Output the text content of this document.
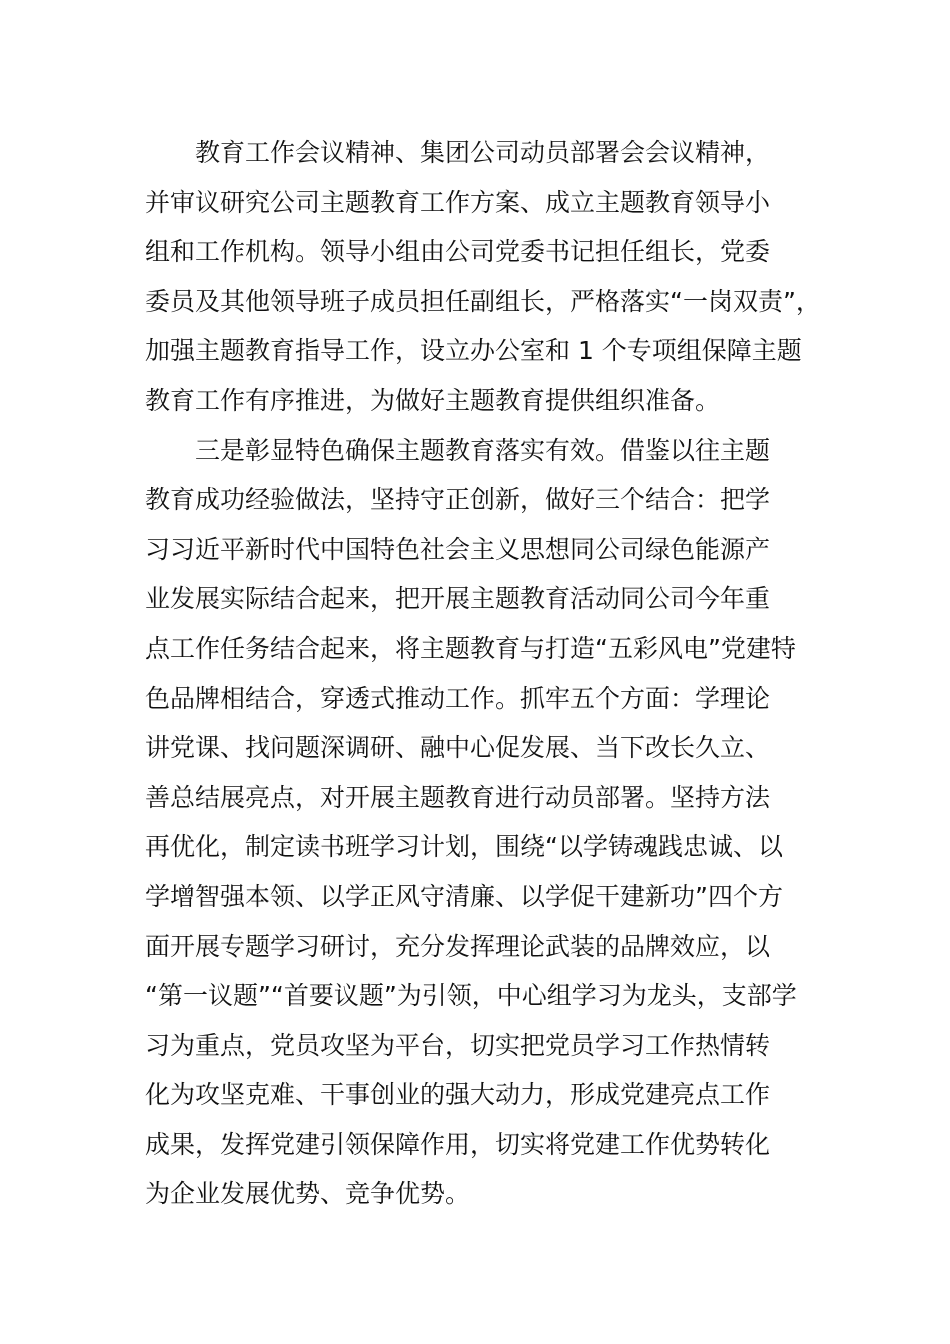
教育工作会议精神、集团公司动员部署会会议精神，
并审议研究公司主题教育工作方案、成立主题教育领导小
组和工作机构。领导小组由公司党委书记担任组长，党委
委员及其他领导班子成员担任副组长，严格落实“一岗双责”，
加强主题教育指导工作，设立办公室和 1 个专项组保障主题
教育工作有序推进，为做好主题教育提供组织准备。
三是彰显特色确保主题教育落实有效。借鉴以往主题
教育成功经验做法，坚持守正创新，做好三个结合：把学
习习近平新时代中国特色社会主义思想同公司绿色能源产
业发展实际结合起来，把开展主题教育活动同公司今年重
点工作任务结合起来，将主题教育与打造“五彩风电”党建特
色品牌相结合，穿透式推动工作。抓牢五个方面：学理论
讲党课、找问题深调研、融中心促发展、当下改长久立、
善总结展亮点，对开展主题教育进行动员部署。坚持方法
再优化，制定读书班学习计划，围绕“以学铸魂践忠诚、以
学增智强本领、以学正风守清廉、以学促干建新功”四个方
面开展专题学习研讨，充分发挥理论武装的品牌效应，以
“第一议题”“首要议题”为引领，中心组学习为龙头，支部学
习为重点，党员攻坚为平台，切实把党员学习工作热情转
化为攻坚克难、干事创业的强大动力，形成党建亮点工作
成果，发挥党建引领保障作用，切实将党建工作优势转化
为企业发展优势、竞争优势。
